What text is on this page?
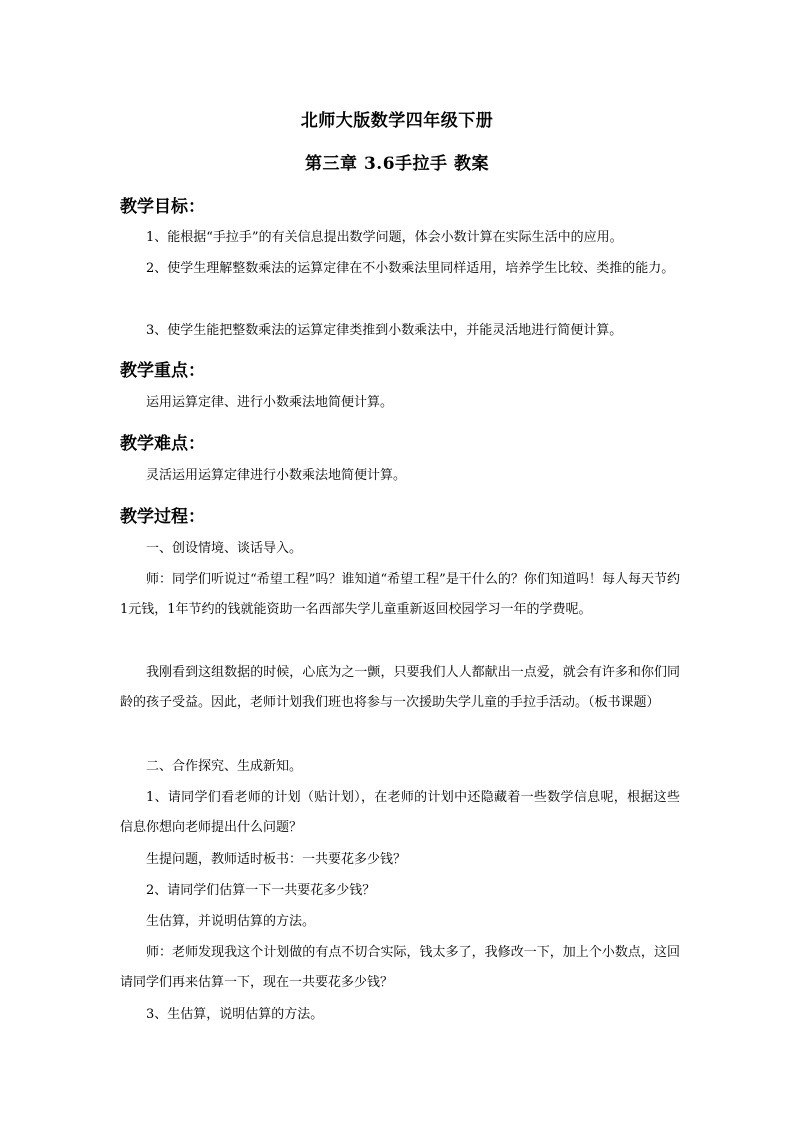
北师大版数学四年级下册
第三章 3.6手拉手 教案
教学目标：

1、能根据“手拉手”的有关信息提出数学问题，体会小数计算在实际生活中的应用。

2、使学生理解整数乘法的运算定律在不小数乘法里同样适用，培养学生比较、类推的能力。

3、使学生能把整数乘法的运算定律类推到小数乘法中，并能灵活地进行简便计算。

教学重点：

运用运算定律、进行小数乘法地简便计算。

教学难点：

灵活运用运算定律进行小数乘法地简便计算。

教学过程：

一、创设情境、谈话导入。

师：同学们听说过“希望工程”吗？谁知道“希望工程”是干什么的？你们知道吗！每人每天节约1元钱，1年节约的钱就能资助一名西部失学儿童重新返回校园学习一年的学费呢。

我刚看到这组数据的时候，心底为之一颤，只要我们人人都献出一点爱，就会有许多和你们同龄的孩子受益。因此，老师计划我们班也将参与一次援助失学儿童的手拉手活动。（板书课题）

二、合作探究、生成新知。

1、请同学们看老师的计划（贴计划），在老师的计划中还隐藏着一些数学信息呢，根据这些信息你想向老师提出什么问题？

生提问题，教师适时板书：一共要花多少钱？

2、请同学们估算一下一共要花多少钱？

生估算，并说明估算的方法。

师：老师发现我这个计划做的有点不切合实际，钱太多了，我修改一下，加上个小数点，这回请同学们再来估算一下，现在一共要花多少钱？

3、生估算，说明估算的方法。
